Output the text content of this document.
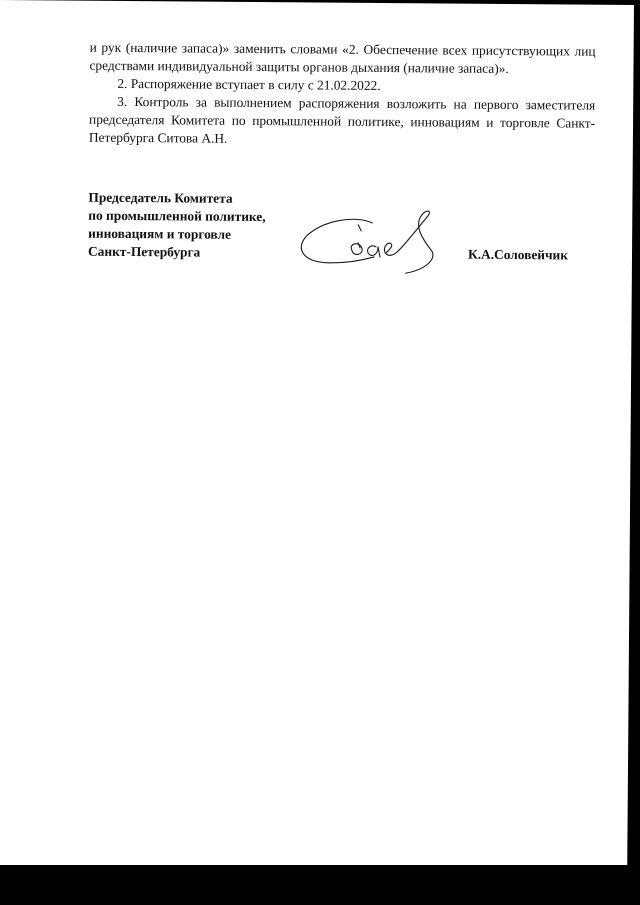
и рук (наличие запаса)» заменить словами «2. Обеспечение всех присутствующих лиц средствами индивидуальной защиты органов дыхания (наличие запаса)».

2. Распоряжение вступает в силу с 21.02.2022.

3. Контроль за выполнением распоряжения возложить на первого заместителя председателя Комитета по промышленной политике, инновациям и торговле Санкт-Петербурга Ситова А.Н.

Председатель Комитета
по промышленной политике,
инновациям и торговле
Санкт-Петербурга	К.А.Соловейчик
